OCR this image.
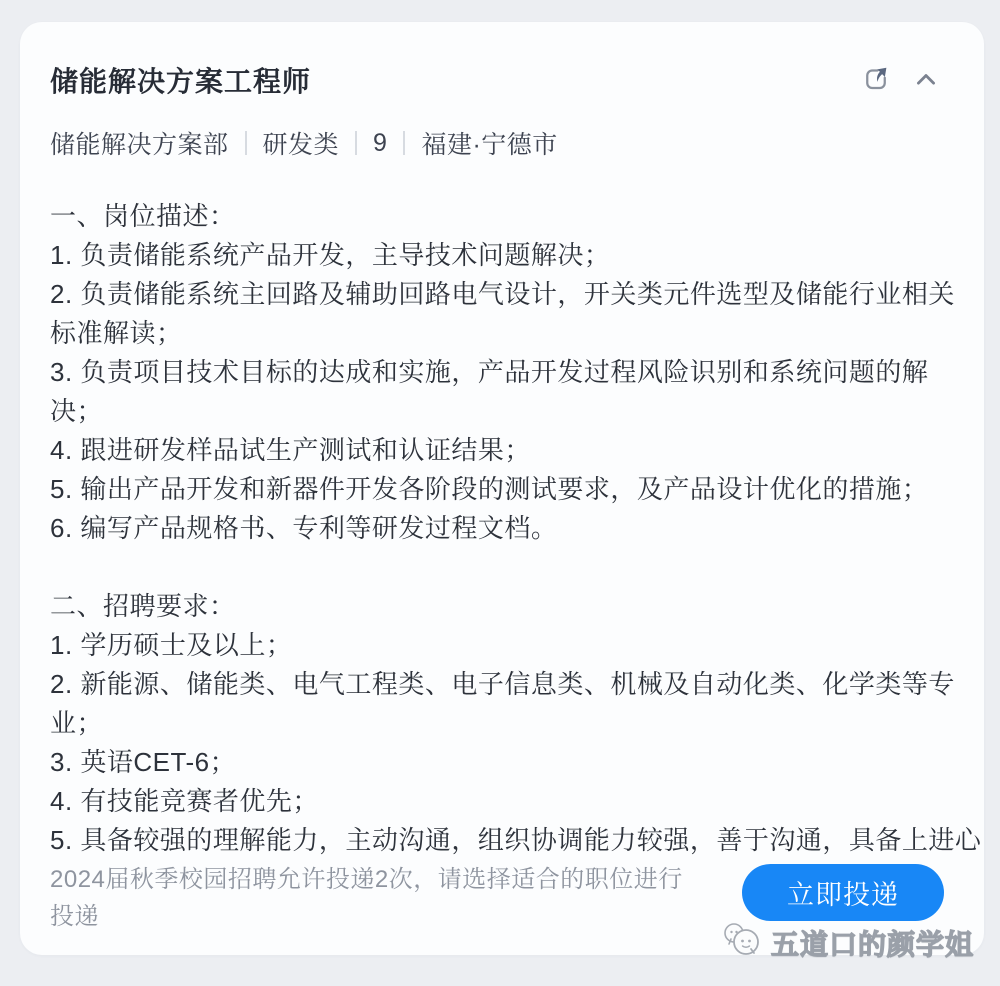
储能解决方案工程师
储能解决方案部 研发类 9 福建·宁德市

一、岗位描述：

1. 负责储能系统产品开发，主导技术问题解决；

2. 负责储能系统主回路及辅助回路电气设计，开关类元件选型及储能行业相关

标准解读；

3. 负责项目技术目标的达成和实施，产品开发过程风险识别和系统问题的解

决；

4. 跟进研发样品试生产测试和认证结果；

5. 输出产品开发和新器件开发各阶段的测试要求，及产品设计优化的措施；

6. 编写产品规格书、专利等研发过程文档。

二、招聘要求：

1. 学历硕士及以上；

2. 新能源、储能类、电气工程类、电子信息类、机械及自动化类、化学类等专

业；

3. 英语CET-6；

4. 有技能竞赛者优先；

5. 具备较强的理解能力，主动沟通，组织协调能力较强，善于沟通，具备上进心

2024届秋季校园招聘允许投递2次，请选择适合的职位进行投递
立即投递
五道口的颜学姐
